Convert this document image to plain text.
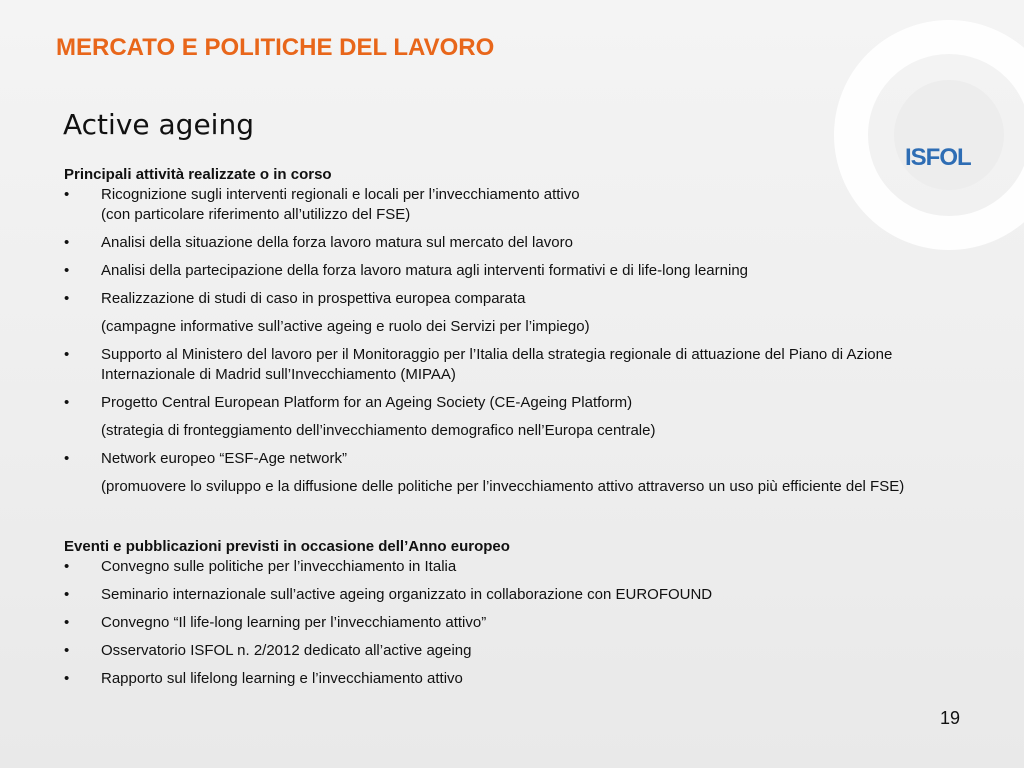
ISFOL
MERCATO E POLITICHE DEL LAVORO
Active ageing

Principali attività realizzate o in corso

• Ricognizione sugli interventi regionali e locali per l’invecchiamento attivo
(con particolare riferimento all’utilizzo del FSE)
• Analisi della situazione della forza lavoro matura sul mercato del lavoro
• Analisi della partecipazione della forza lavoro matura agli interventi formativi e di life-long learning
• Realizzazione di studi di caso in prospettiva europea comparata
(campagne informative sull’active ageing e ruolo dei Servizi per l’impiego)
• Supporto al Ministero del lavoro per il Monitoraggio per l’Italia della strategia regionale di attuazione del Piano di Azione Internazionale di Madrid sull’Invecchiamento (MIPAA)
• Progetto Central European Platform for an Ageing Society (CE-Ageing Platform)
(strategia di fronteggiamento dell’invecchiamento demografico nell’Europa centrale)
• Network europeo “ESF-Age network”
(promuovere lo sviluppo e la diffusione delle politiche per l’invecchiamento attivo attraverso un uso più efficiente del FSE)

Eventi e pubblicazioni previsti in occasione dell’Anno europeo

• Convegno sulle politiche per l’invecchiamento in Italia
• Seminario internazionale sull’active ageing organizzato in collaborazione con EUROFOUND
• Convegno “Il life-long learning per l’invecchiamento attivo”
• Osservatorio ISFOL n. 2/2012 dedicato all’active ageing
• Rapporto sul lifelong learning e l’invecchiamento attivo
19
